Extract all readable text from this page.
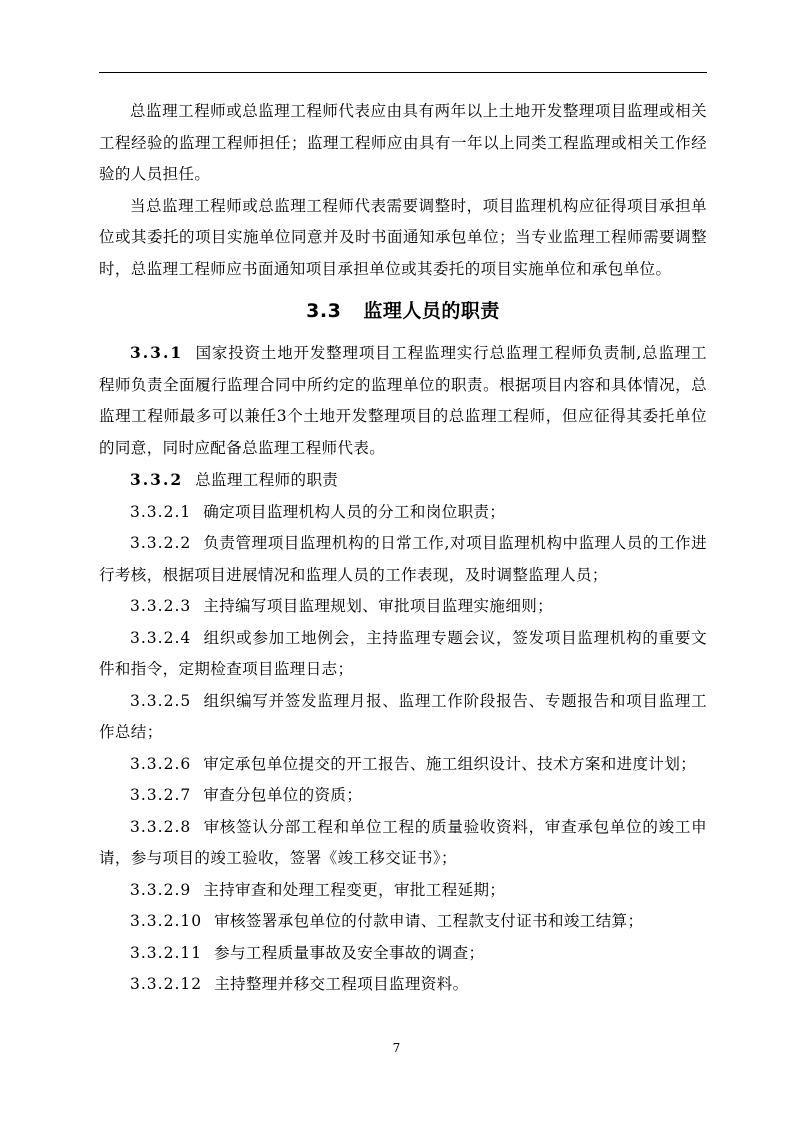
总监理工程师或总监理工程师代表应由具有两年以上土地开发整理项目监理或相关工程经验的监理工程师担任；监理工程师应由具有一年以上同类工程监理或相关工作经验的人员担任。

当总监理工程师或总监理工程师代表需要调整时，项目监理机构应征得项目承担单位或其委托的项目实施单位同意并及时书面通知承包单位；当专业监理工程师需要调整时，总监理工程师应书面通知项目承担单位或其委托的项目实施单位和承包单位。

3.3 监理人员的职责

3.3.1 国家投资土地开发整理项目工程监理实行总监理工程师负责制,总监理工程师负责全面履行监理合同中所约定的监理单位的职责。根据项目内容和具体情况，总监理工程师最多可以兼任3个土地开发整理项目的总监理工程师，但应征得其委托单位的同意，同时应配备总监理工程师代表。

3.3.2 总监理工程师的职责

3.3.2.1 确定项目监理机构人员的分工和岗位职责；

3.3.2.2 负责管理项目监理机构的日常工作,对项目监理机构中监理人员的工作进行考核，根据项目进展情况和监理人员的工作表现，及时调整监理人员；

3.3.2.3 主持编写项目监理规划、审批项目监理实施细则；

3.3.2.4 组织或参加工地例会，主持监理专题会议，签发项目监理机构的重要文件和指令，定期检查项目监理日志；

3.3.2.5 组织编写并签发监理月报、监理工作阶段报告、专题报告和项目监理工作总结；

3.3.2.6 审定承包单位提交的开工报告、施工组织设计、技术方案和进度计划；

3.3.2.7 审查分包单位的资质；

3.3.2.8 审核签认分部工程和单位工程的质量验收资料，审查承包单位的竣工申请，参与项目的竣工验收，签署《竣工移交证书》；

3.3.2.9 主持审查和处理工程变更，审批工程延期；

3.3.2.10 审核签署承包单位的付款申请、工程款支付证书和竣工结算；

3.3.2.11 参与工程质量事故及安全事故的调查；

3.3.2.12 主持整理并移交工程项目监理资料。

7
